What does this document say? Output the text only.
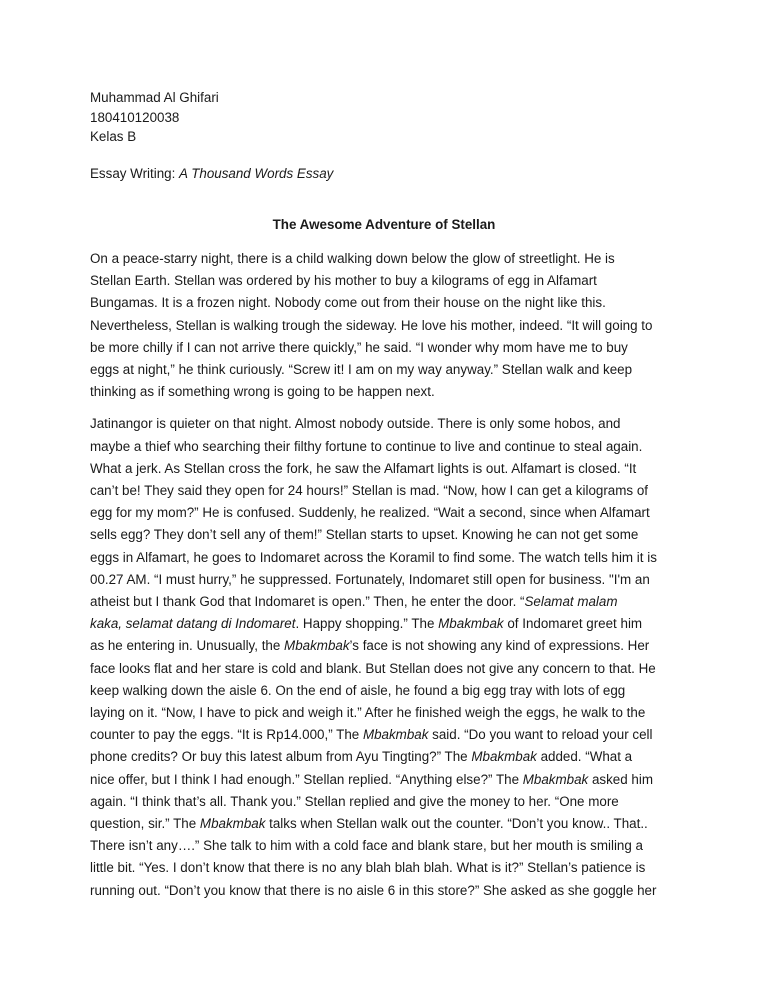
Muhammad Al Ghifari
180410120038
Kelas B
Essay Writing: A Thousand Words Essay
The Awesome Adventure of Stellan
On a peace-starry night, there is a child walking down below the glow of streetlight. He is
Stellan Earth. Stellan was ordered by his mother to buy a kilograms of egg in Alfamart
Bungamas. It is a frozen night. Nobody come out from their house on the night like this.
Nevertheless, Stellan is walking trough the sideway. He love his mother, indeed. “It will going to
be more chilly if I can not arrive there quickly,” he said. “I wonder why mom have me to buy
eggs at night,” he think curiously. “Screw it! I am on my way anyway.” Stellan walk and keep
thinking as if something wrong is going to be happen next.
Jatinangor is quieter on that night. Almost nobody outside. There is only some hobos, and
maybe a thief who searching their filthy fortune to continue to live and continue to steal again.
What a jerk. As Stellan cross the fork, he saw the Alfamart lights is out. Alfamart is closed. “It
can’t be! They said they open for 24 hours!” Stellan is mad. “Now, how I can get a kilograms of
egg for my mom?” He is confused. Suddenly, he realized. “Wait a second, since when Alfamart
sells egg? They don’t sell any of them!” Stellan starts to upset. Knowing he can not get some
eggs in Alfamart, he goes to Indomaret across the Koramil to find some. The watch tells him it is
00.27 AM. “I must hurry,” he suppressed. Fortunately, Indomaret still open for business. "I'm an
atheist but I thank God that Indomaret is open.” Then, he enter the door. “Selamat malam
kaka, selamat datang di Indomaret. Happy shopping.” The Mbakmbak of Indomaret greet him
as he entering in. Unusually, the Mbakmbak’s face is not showing any kind of expressions. Her
face looks flat and her stare is cold and blank. But Stellan does not give any concern to that. He
keep walking down the aisle 6. On the end of aisle, he found a big egg tray with lots of egg
laying on it. “Now, I have to pick and weigh it.” After he finished weigh the eggs, he walk to the
counter to pay the eggs. “It is Rp14.000,” The Mbakmbak said. “Do you want to reload your cell
phone credits? Or buy this latest album from Ayu Tingting?” The Mbakmbak added. “What a
nice offer, but I think I had enough.” Stellan replied. “Anything else?” The Mbakmbak asked him
again. “I think that’s all. Thank you.” Stellan replied and give the money to her. “One more
question, sir.” The Mbakmbak talks when Stellan walk out the counter. “Don’t you know.. That..
There isn’t any….” She talk to him with a cold face and blank stare, but her mouth is smiling a
little bit. “Yes. I don’t know that there is no any blah blah blah. What is it?” Stellan’s patience is
running out. “Don’t you know that there is no aisle 6 in this store?” She asked as she goggle her
